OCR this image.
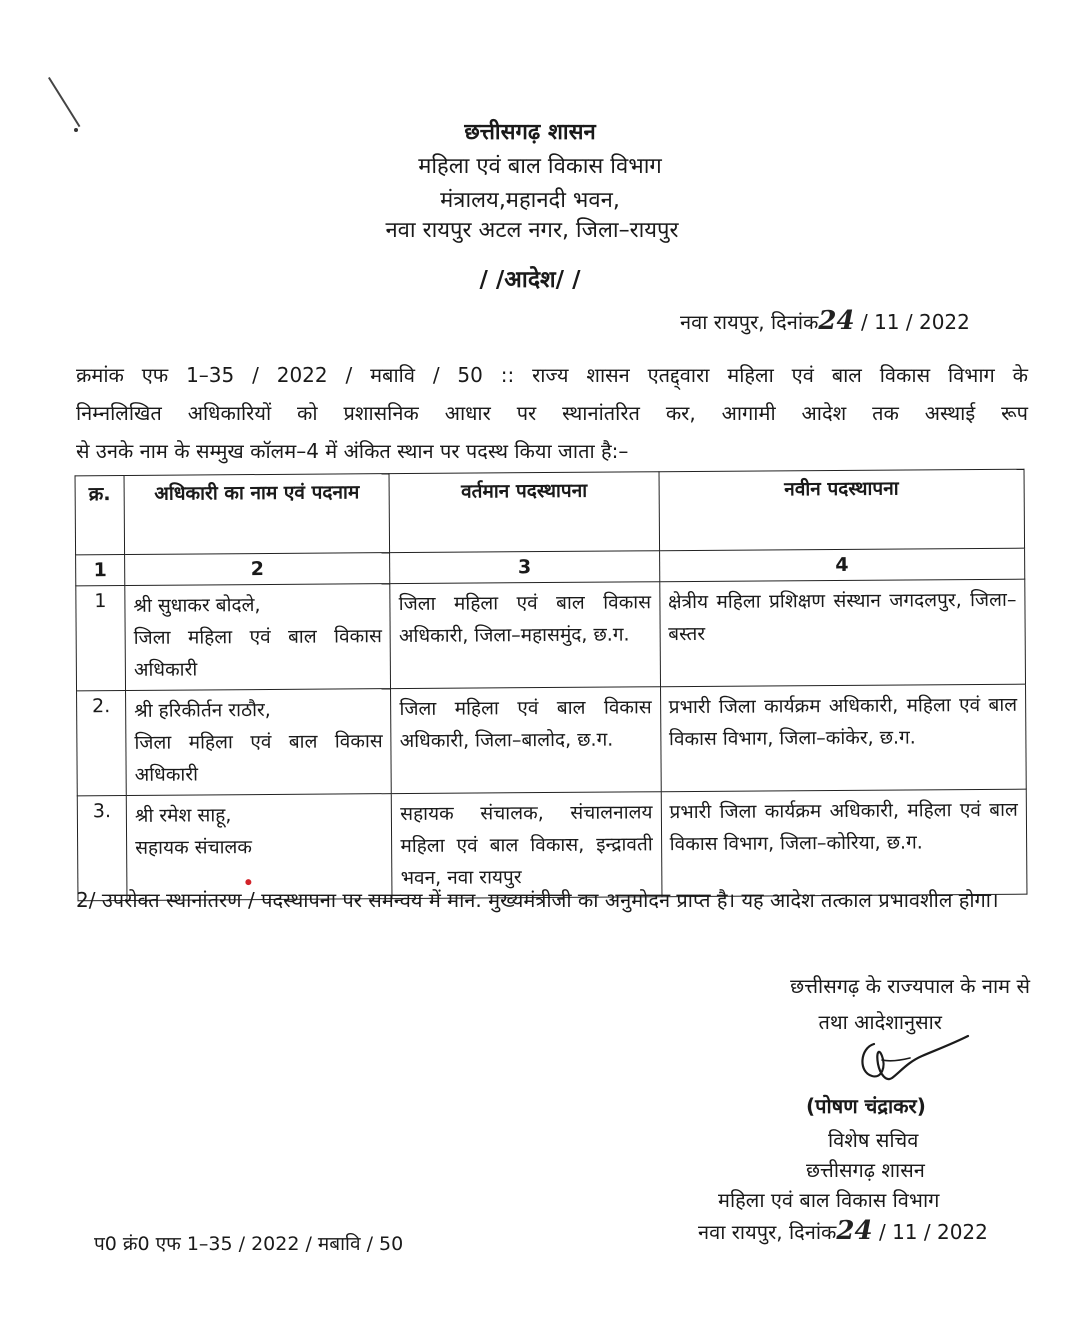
छत्तीसगढ़ शासन
महिला एवं बाल विकास विभाग
मंत्रालय,महानदी भवन,
नवा रायपुर अटल नगर, जिला–रायपुर
/ /आदेश/ /
नवा रायपुर, दिनांक24 / 11 / 2022
क्रमांक एफ 1–35 / 2022 / मबावि / 50 :: राज्य शासन एतद्द्वारा महिला एवं बाल विकास विभाग के
निम्नलिखित अधिकारियों को प्रशासनिक आधार पर स्थानांतरित कर, आगामी आदेश तक अस्थाई रूप
से उनके नाम के सम्मुख कॉलम–4 में अंकित स्थान पर पदस्थ किया जाता है:–
क्र.	अधिकारी का नाम एवं पदनाम	वर्तमान पदस्थापना	नवीन पदस्थापना
1	2	3	4
1	श्री सुधाकर बोदले,
जिला महिला एवं बाल विकास अधिकारी	जिला महिला एवं बाल विकास अधिकारी, जिला–महासमुंद, छ.ग.	क्षेत्रीय महिला प्रशिक्षण संस्थान जगदलपुर, जिला–बस्तर
2.	श्री हरिकीर्तन राठौर,
जिला महिला एवं बाल विकास अधिकारी	जिला महिला एवं बाल विकास अधिकारी, जिला–बालोद, छ.ग.	प्रभारी जिला कार्यक्रम अधिकारी, महिला एवं बाल विकास विभाग, जिला–कांकेर, छ.ग.
3.	श्री रमेश साहू,
सहायक संचालक	सहायक संचालक, संचालनालय महिला एवं बाल विकास, इन्द्रावती भवन, नवा रायपुर	प्रभारी जिला कार्यक्रम अधिकारी, महिला एवं बाल विकास विभाग, जिला–कोरिया, छ.ग.
2/ उपरोक्त स्थानांतरण / पदस्थापना पर समन्वय में मान. मुख्यमंत्रीजी का अनुमोदन प्राप्त है। यह आदेश तत्काल प्रभावशील होगा।
छत्तीसगढ़ के राज्यपाल के नाम से
तथा आदेशानुसार
(पोषण चंद्राकर)
विशेष सचिव
छत्तीसगढ़ शासन
महिला एवं बाल विकास विभाग
नवा रायपुर, दिनांक24 / 11 / 2022
प0 क्रं0 एफ 1–35 / 2022 / मबावि / 50
